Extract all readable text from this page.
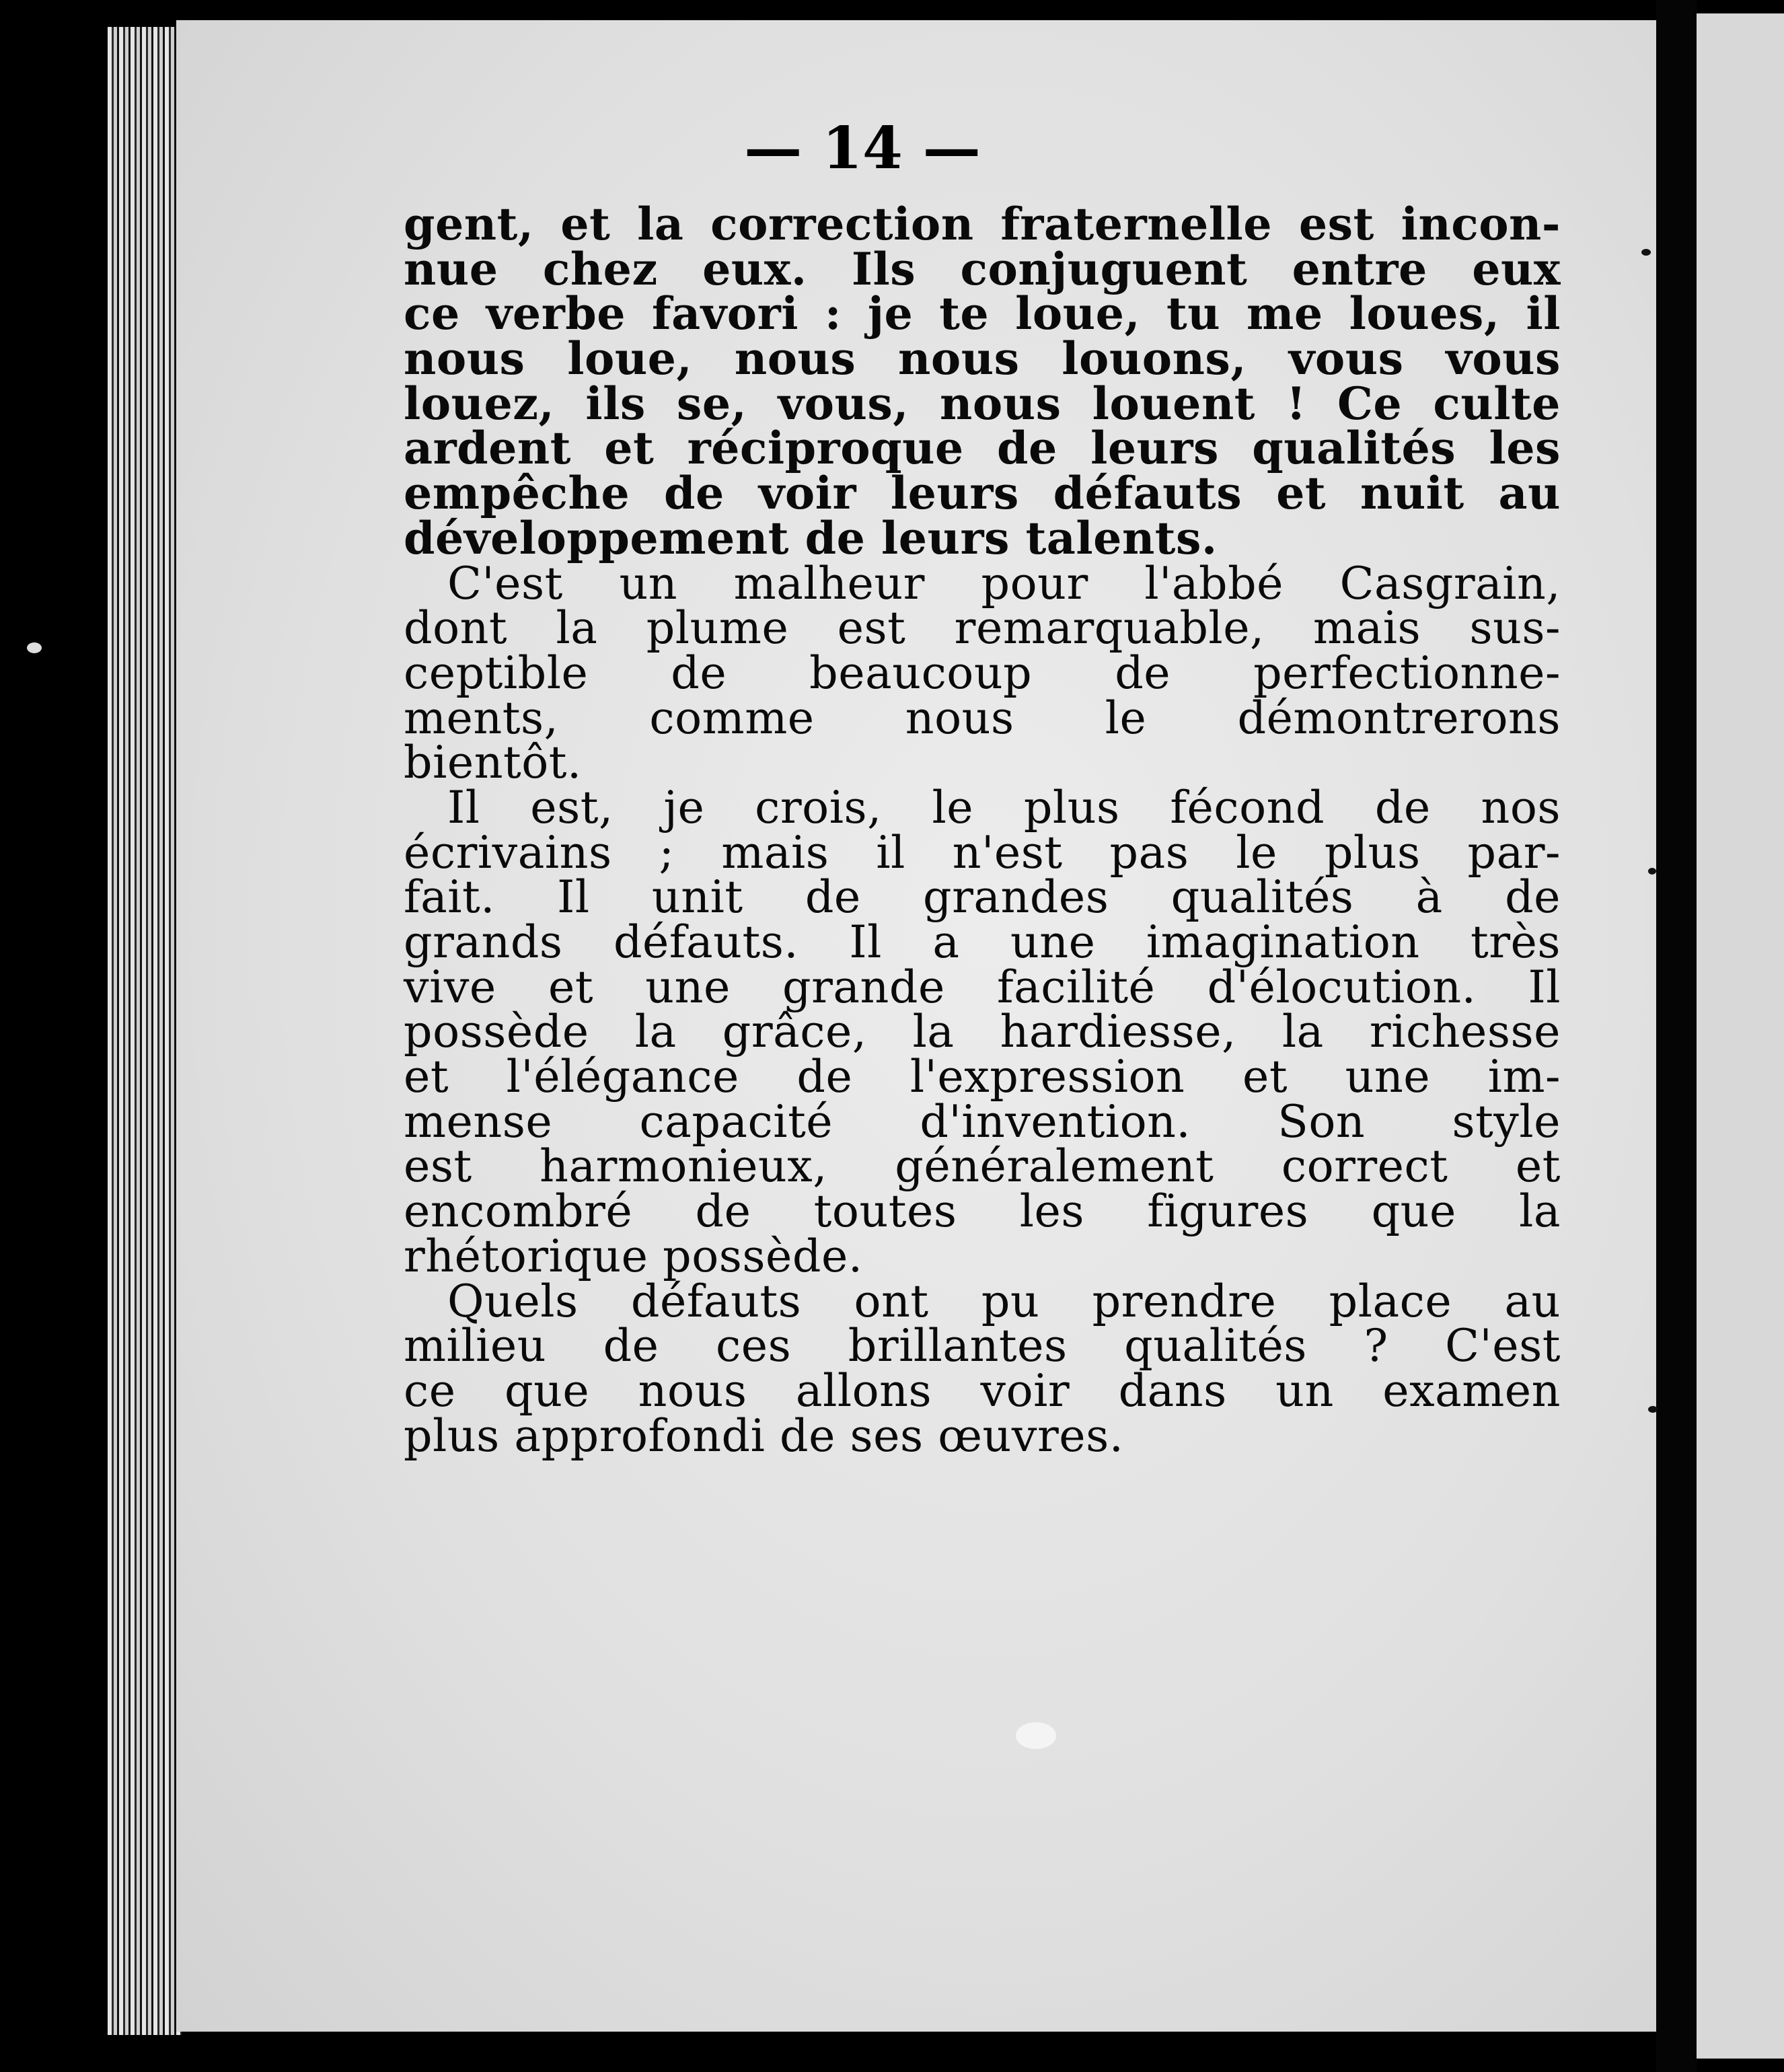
— 14 —
gent, et la correction fraternelle est incon-
nue chez eux. Ils conjuguent entre eux
ce verbe favori : je te loue, tu me loues, il
nous loue, nous nous louons, vous vous
louez, ils se, vous, nous louent ! Ce culte
ardent et réciproque de leurs qualités les
empêche de voir leurs défauts et nuit au
développement de leurs talents.
C'est un malheur pour l'abbé Casgrain,
dont la plume est remarquable, mais sus-
ceptible de beaucoup de perfectionne-
ments, comme nous le démontrerons
bientôt.
Il est, je crois, le plus fécond de nos
écrivains ; mais il n'est pas le plus par-
fait. Il unit de grandes qualités à de
grands défauts. Il a une imagination très
vive et une grande facilité d'élocution. Il
possède la grâce, la hardiesse, la richesse
et l'élégance de l'expression et une im-
mense capacité d'invention. Son style
est harmonieux, généralement correct et
encombré de toutes les figures que la
rhétorique possède.
Quels défauts ont pu prendre place au
milieu de ces brillantes qualités ? C'est
ce que nous allons voir dans un examen
plus approfondi de ses œuvres.
